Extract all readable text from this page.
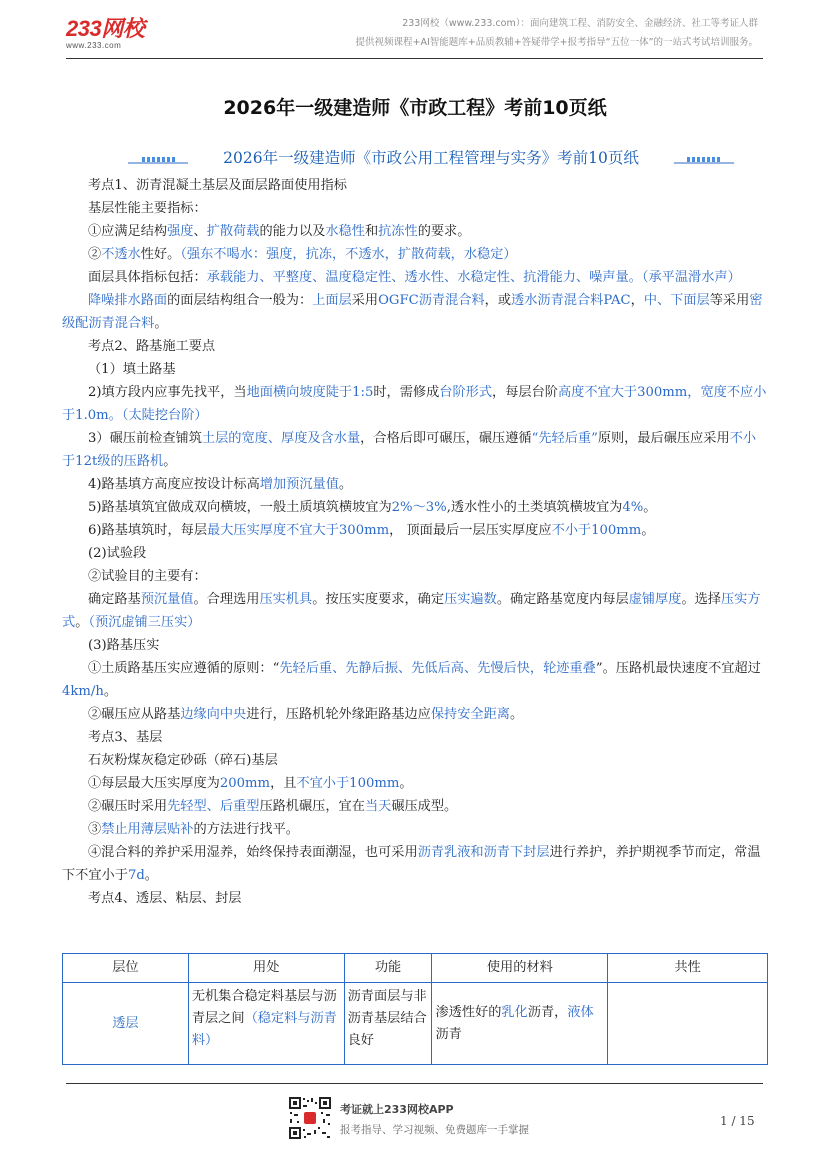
233网校
www.233.com
233网校（www.233.com）：面向建筑工程、消防安全、金融经济、社工等考证人群
提供视频课程+AI智能题库+品质教辅+答疑带学+报考指导“五位一体”的一站式考试培训服务。
2026年一级建造师《市政工程》考前10页纸
2026年一级建造师《市政公用工程管理与实务》考前10页纸

考点1、沥青混凝土基层及面层路面使用指标

基层性能主要指标：

①应满足结构强度、扩散荷载的能力以及水稳性和抗冻性的要求。

②不透水性好。（强东不喝水：强度，抗冻，不透水，扩散荷载，水稳定）

面层具体指标包括：承载能力、平整度、温度稳定性、透水性、水稳定性、抗滑能力、噪声量。（承平温滑水声）

降噪排水路面的面层结构组合一般为：上面层采用OGFC沥青混合料，或透水沥青混合料PAC，中、下面层等采用密级配沥青混合料。

考点2、路基施工要点

（1）填土路基

2)填方段内应事先找平，当地面横向坡度陡于1:5时，需修成台阶形式，每层台阶高度不宜大于300mm，宽度不应小于1.0m。（太陡挖台阶）

3）碾压前检查铺筑土层的宽度、厚度及含水量，合格后即可碾压，碾压遵循“先轻后重”原则，最后碾压应采用不小于12t级的压路机。

4)路基填方高度应按设计标高增加预沉量值。

5)路基填筑宜做成双向横坡，一般土质填筑横坡宜为2%～3%,透水性小的土类填筑横坡宜为4%。

6)路基填筑时，每层最大压实厚度不宜大于300mm， 顶面最后一层压实厚度应不小于100mm。

(2)试验段

②试验目的主要有：

确定路基预沉量值。合理选用压实机具。按压实度要求，确定压实遍数。确定路基宽度内每层虚铺厚度。选择压实方式。（预沉虚铺三压实）

(3)路基压实

①土质路基压实应遵循的原则：“先轻后重、先静后振、先低后高、先慢后快，轮迹重叠”。压路机最快速度不宜超过4km/h。

②碾压应从路基边缘向中央进行，压路机轮外缘距路基边应保持安全距离。

考点3、基层

石灰粉煤灰稳定砂砾（碎石)基层

①每层最大压实厚度为200mm，且不宜小于100mm。

②碾压时采用先轻型、后重型压路机碾压，宜在当天碾压成型。

③禁止用薄层贴补的方法进行找平。

④混合料的养护采用湿养，始终保持表面潮湿，也可采用沥青乳液和沥青下封层进行养护，养护期视季节而定，常温下不宜小于7d。

考点4、透层、粘层、封层

层位	用处	功能	使用的材料	共性
透层	无机集合稳定料基层与沥青层之间（稳定料与沥青料）	沥青面层与非沥青基层结合良好	渗透性好的乳化沥青，液体沥青	
考证就上233网校APP
报考指导、学习视频、免费题库一手掌握
1 / 15
